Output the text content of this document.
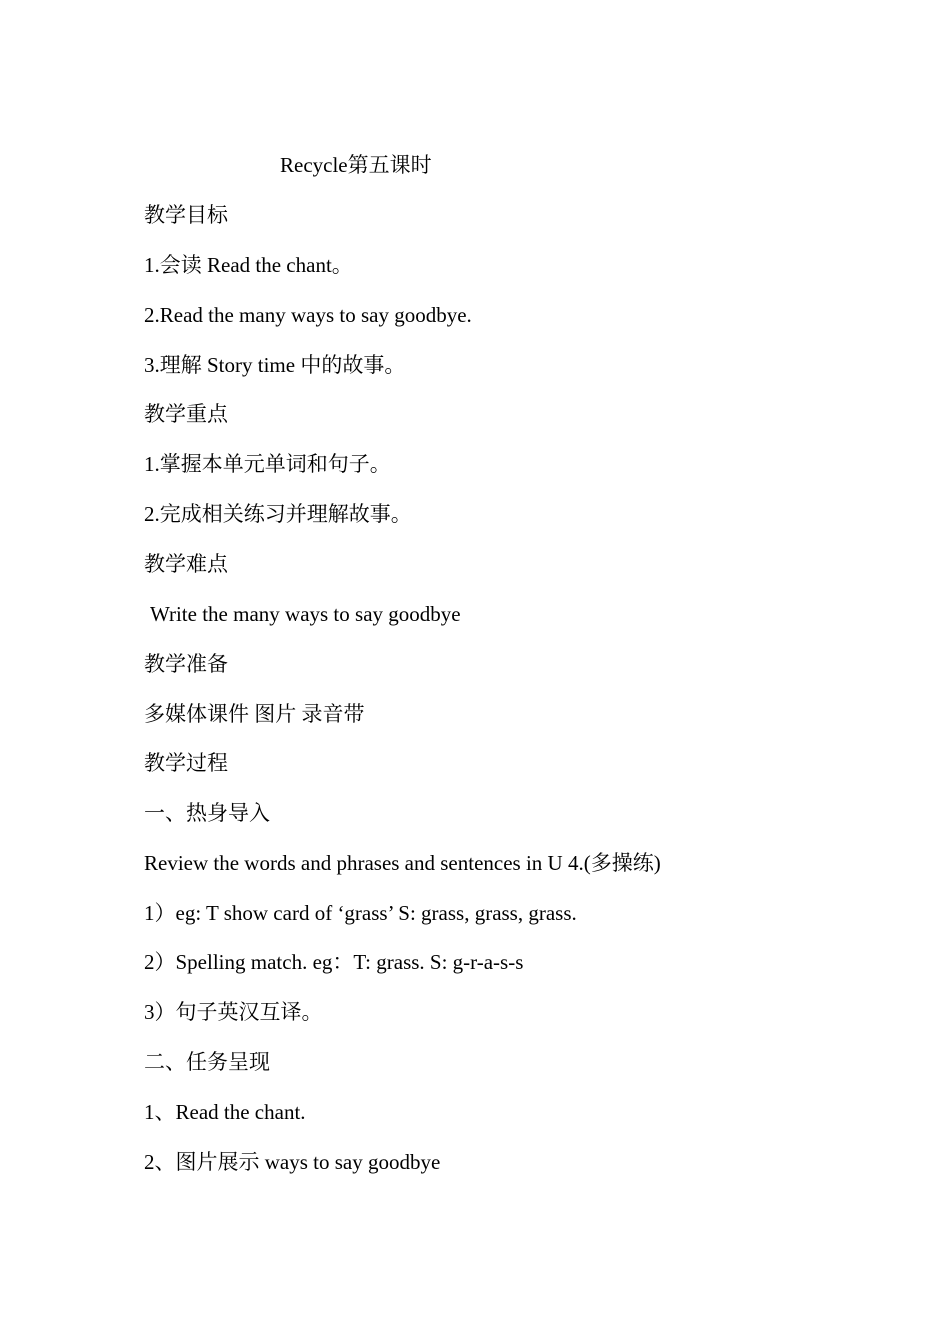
Recycle第五课时
教学目标
1.会读 Read the chant。
2.Read the many ways to say goodbye.
3.理解 Story time 中的故事。
教学重点
1.掌握本单元单词和句子。
2.完成相关练习并理解故事。
教学难点
Write the many ways to say goodbye
教学准备
多媒体课件 图片 录音带
教学过程
一、热身导入
Review the words and phrases and sentences in U 4.(多操练)
1）eg: T show card of ‘grass’ S: grass, grass, grass.
2）Spelling match. eg：T: grass. S: g-r-a-s-s
3）句子英汉互译。
二、任务呈现
1、Read the chant.
2、图片展示 ways to say goodbye
